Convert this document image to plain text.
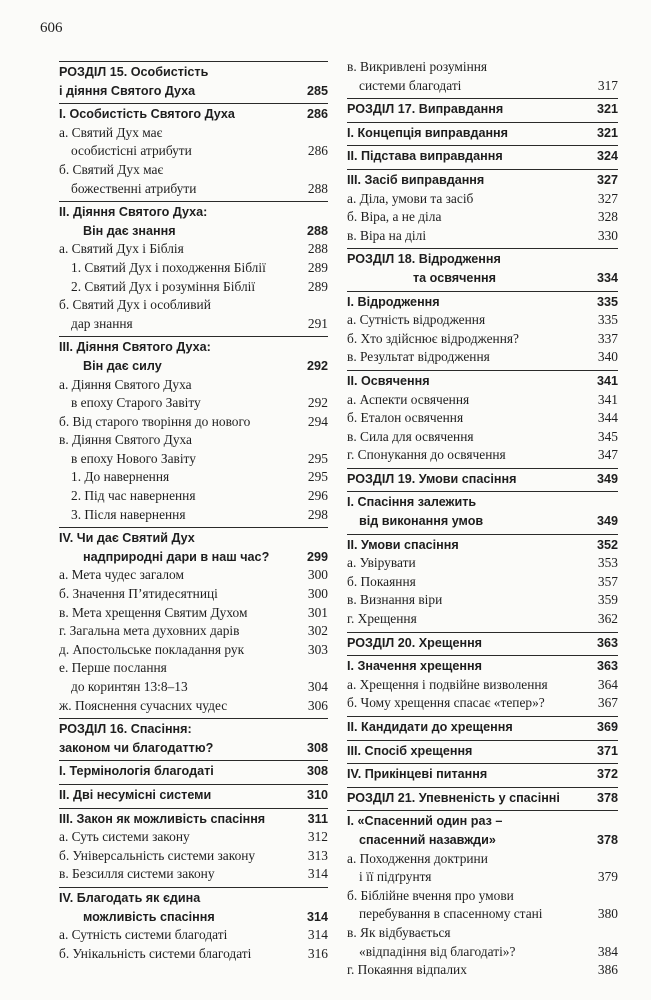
606
РОЗДІЛ 15. Особистість
і діяння Святого Духа	285
I. Особистість Святого Духа	286
а. Святий Дух має
особистісні атрибути	286
б. Святий Дух має
божественні атрибути	288
II. Діяння Святого Духа:
Він дає знання	288
а. Святий Дух і Біблія	288
1. Святий Дух і походження Біблії	289
2. Святий Дух і розуміння Біблії	289
б. Святий Дух і особливий
дар знання	291
III. Діяння Святого Духа:
Він дає силу	292
а. Діяння Святого Духа
в епоху Старого Завіту	292
б. Від старого творіння до нового	294
в. Діяння Святого Духа
в епоху Нового Завіту	295
1. До навернення	295
2. Під час навернення	296
3. Після навернення	298
IV. Чи дає Святий Дух
надприродні дари в наш час?	299
а. Мета чудес загалом	300
б. Значення П’ятидесятниці	300
в. Мета хрещення Святим Духом	301
г. Загальна мета духовних дарів	302
д. Апостольське покладання рук	303
е. Перше послання
до коринтян 13:8–13	304
ж. Пояснення сучасних чудес	306
РОЗДІЛ 16. Спасіння:
законом чи благодаттю?	308
I. Термінологія благодаті	308
II. Дві несумісні системи	310
III. Закон як можливість спасіння	311
а. Суть системи закону	312
б. Універсальність системи закону	313
в. Безсилля системи закону	314
IV. Благодать як єдина
можливість спасіння	314
а. Сутність системи благодаті	314
б. Унікальність системи благодаті	316
в. Викривлені розуміння
системи благодаті	317
РОЗДІЛ 17. Виправдання	321
I. Концепція виправдання	321
II. Підстава виправдання	324
III. Засіб виправдання	327
а. Діла, умови та засіб	327
б. Віра, а не діла	328
в. Віра на ділі	330
РОЗДІЛ 18. Відродження
та освячення	334
I. Відродження	335
а. Сутність відродження	335
б. Хто здійснює відродження?	337
в. Результат відродження	340
II. Освячення	341
а. Аспекти освячення	341
б. Еталон освячення	344
в. Сила для освячення	345
г. Спонукання до освячення	347
РОЗДІЛ 19. Умови спасіння	349
I. Спасіння залежить
від виконання умов	349
II. Умови спасіння	352
а. Увірувати	353
б. Покаяння	357
в. Визнання віри	359
г. Хрещення	362
РОЗДІЛ 20. Хрещення	363
I. Значення хрещення	363
а. Хрещення і подвійне визволення	364
б. Чому хрещення спасає «тепер»?	367
II. Кандидати до хрещення	369
III. Спосіб хрещення	371
IV. Прикінцеві питання	372
РОЗДІЛ 21. Упевненість у спасінні	378
I. «Спасенний один раз –
спасенний назавжди»	378
а. Походження доктрини
і її підґрунтя	379
б. Біблійне вчення про умови
перебування в спасенному стані	380
в. Як відбувається
«відпадіння від благодаті»?	384
г. Покаяння відпалих	386
